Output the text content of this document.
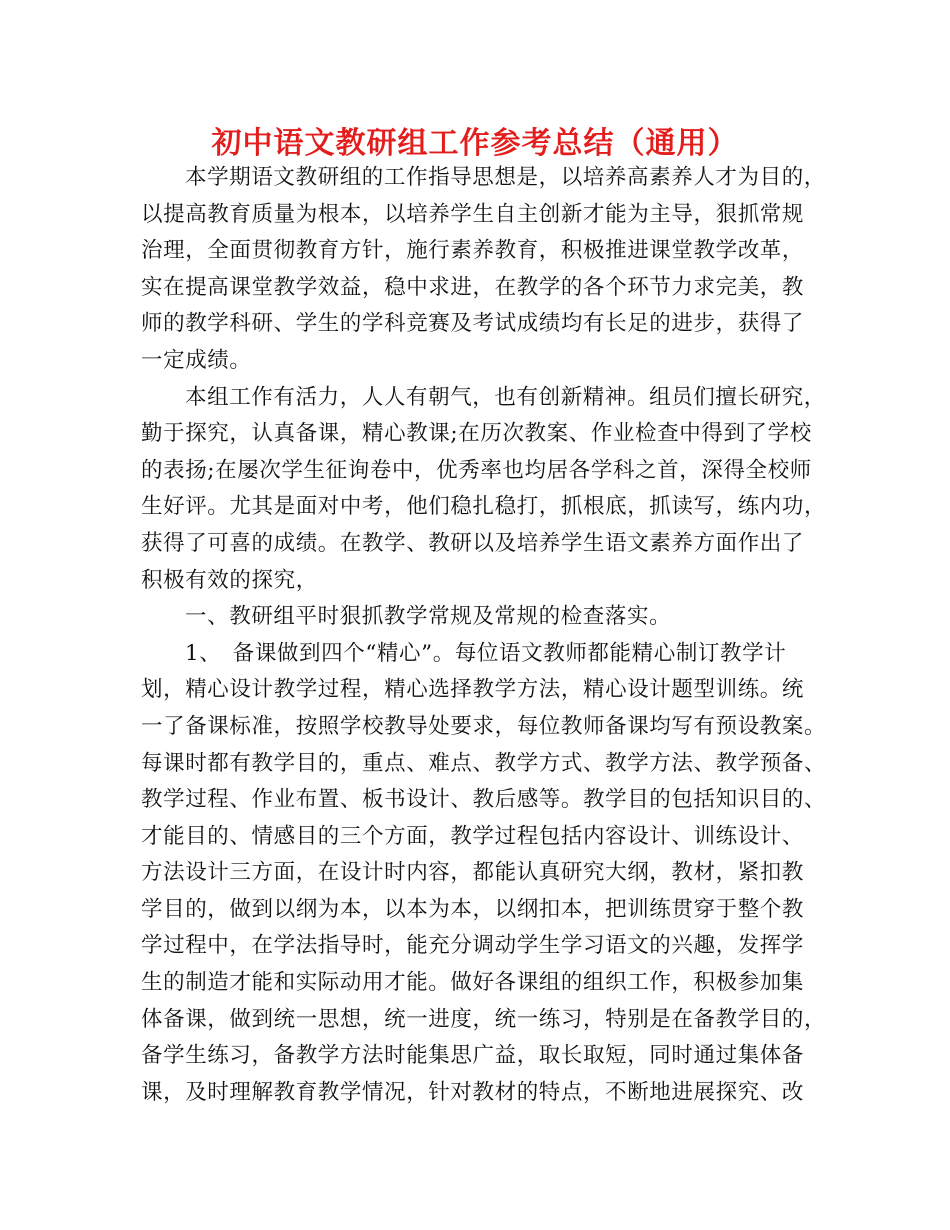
初中语文教研组工作参考总结（通用）
本学期语文教研组的工作指导思想是，以培养高素养人才为目的，
以提高教育质量为根本，以培养学生自主创新才能为主导，狠抓常规
治理，全面贯彻教育方针，施行素养教育，积极推进课堂教学改革，
实在提高课堂教学效益，稳中求进，在教学的各个环节力求完美，教
师的教学科研、学生的学科竞赛及考试成绩均有长足的进步，获得了
一定成绩。
本组工作有活力，人人有朝气，也有创新精神。组员们擅长研究，
勤于探究，认真备课，精心教课;在历次教案、作业检查中得到了学校
的表扬;在屡次学生征询卷中，优秀率也均居各学科之首，深得全校师
生好评。尤其是面对中考，他们稳扎稳打，抓根底，抓读写，练内功，
获得了可喜的成绩。在教学、教研以及培养学生语文素养方面作出了
积极有效的探究，
一、教研组平时狠抓教学常规及常规的检查落实。
1、　备课做到四个“精心”。每位语文教师都能精心制订教学计
划，精心设计教学过程，精心选择教学方法，精心设计题型训练。统
一了备课标准，按照学校教导处要求，每位教师备课均写有预设教案。
每课时都有教学目的，重点、难点、教学方式、教学方法、教学预备、
教学过程、作业布置、板书设计、教后感等。教学目的包括知识目的、
才能目的、情感目的三个方面，教学过程包括内容设计、训练设计、
方法设计三方面，在设计时内容，都能认真研究大纲，教材，紧扣教
学目的，做到以纲为本，以本为本，以纲扣本，把训练贯穿于整个教
学过程中，在学法指导时，能充分调动学生学习语文的兴趣，发挥学
生的制造才能和实际动用才能。做好各课组的组织工作，积极参加集
体备课，做到统一思想，统一进度，统一练习，特别是在备教学目的，
备学生练习，备教学方法时能集思广益，取长取短，同时通过集体备
课，及时理解教育教学情况，针对教材的特点，不断地进展探究、改
